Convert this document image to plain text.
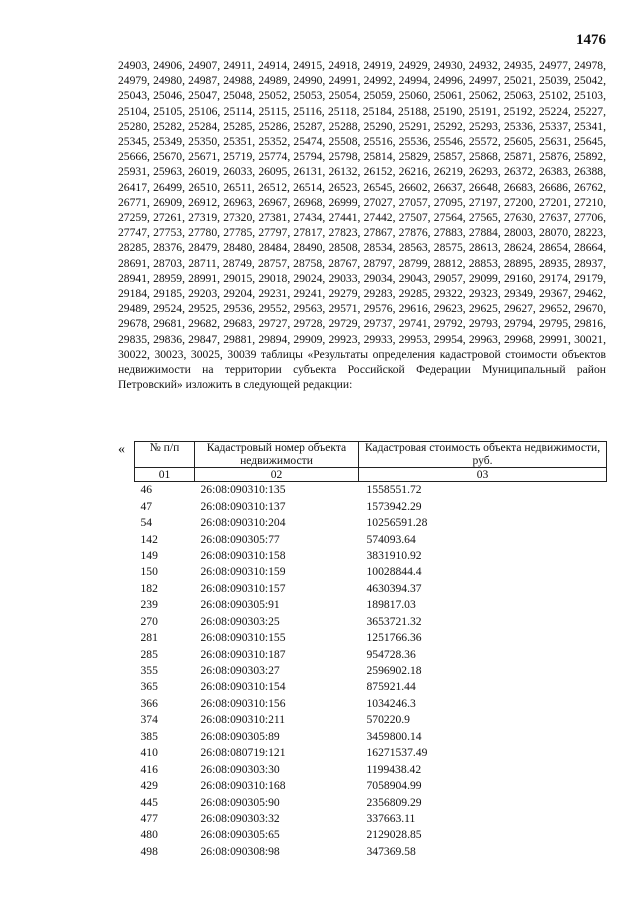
1476
24903, 24906, 24907, 24911, 24914, 24915, 24918, 24919, 24929, 24930, 24932, 24935, 24977, 24978, 24979, 24980, 24987, 24988, 24989, 24990, 24991, 24992, 24994, 24996, 24997, 25021, 25039, 25042, 25043, 25046, 25047, 25048, 25052, 25053, 25054, 25059, 25060, 25061, 25062, 25063, 25102, 25103, 25104, 25105, 25106, 25114, 25115, 25116, 25118, 25184, 25188, 25190, 25191, 25192, 25224, 25227, 25280, 25282, 25284, 25285, 25286, 25287, 25288, 25290, 25291, 25292, 25293, 25336, 25337, 25341, 25345, 25349, 25350, 25351, 25352, 25474, 25508, 25516, 25536, 25546, 25572, 25605, 25631, 25645, 25666, 25670, 25671, 25719, 25774, 25794, 25798, 25814, 25829, 25857, 25868, 25871, 25876, 25892, 25931, 25963, 26019, 26033, 26095, 26131, 26132, 26152, 26216, 26219, 26293, 26372, 26383, 26388, 26417, 26499, 26510, 26511, 26512, 26514, 26523, 26545, 26602, 26637, 26648, 26683, 26686, 26762, 26771, 26909, 26912, 26963, 26967, 26968, 26999, 27027, 27057, 27095, 27197, 27200, 27201, 27210, 27259, 27261, 27319, 27320, 27381, 27434, 27441, 27442, 27507, 27564, 27565, 27630, 27637, 27706, 27747, 27753, 27780, 27785, 27797, 27817, 27823, 27867, 27876, 27883, 27884, 28003, 28070, 28223, 28285, 28376, 28479, 28480, 28484, 28490, 28508, 28534, 28563, 28575, 28613, 28624, 28654, 28664, 28691, 28703, 28711, 28749, 28757, 28758, 28767, 28797, 28799, 28812, 28853, 28895, 28935, 28937, 28941, 28959, 28991, 29015, 29018, 29024, 29033, 29034, 29043, 29057, 29099, 29160, 29174, 29179, 29184, 29185, 29203, 29204, 29231, 29241, 29279, 29283, 29285, 29322, 29323, 29349, 29367, 29462, 29489, 29524, 29525, 29536, 29552, 29563, 29571, 29576, 29616, 29623, 29625, 29627, 29652, 29670, 29678, 29681, 29682, 29683, 29727, 29728, 29729, 29737, 29741, 29792, 29793, 29794, 29795, 29816, 29835, 29836, 29847, 29881, 29894, 29909, 29923, 29933, 29953, 29954, 29963, 29968, 29991, 30021, 30022, 30023, 30025, 30039 таблицы «Результаты определения кадастровой стоимости объектов недвижимости на территории субъекта Российской Федерации Муниципальный район Петровский» изложить в следующей редакции:
« № п/п	Кадастровый номер объекта недвижимости	Кадастровая стоимость объекта недвижимости, руб.
01	02	03
46	26:08:090310:135	1558551.72
47	26:08:090310:137	1573942.29
54	26:08:090310:204	10256591.28
142	26:08:090305:77	574093.64
149	26:08:090310:158	3831910.92
150	26:08:090310:159	10028844.4
182	26:08:090310:157	4630394.37
239	26:08:090305:91	189817.03
270	26:08:090303:25	3653721.32
281	26:08:090310:155	1251766.36
285	26:08:090310:187	954728.36
355	26:08:090303:27	2596902.18
365	26:08:090310:154	875921.44
366	26:08:090310:156	1034246.3
374	26:08:090310:211	570220.9
385	26:08:090305:89	3459800.14
410	26:08:080719:121	16271537.49
416	26:08:090303:30	1199438.42
429	26:08:090310:168	7058904.99
445	26:08:090305:90	2356809.29
477	26:08:090303:32	337663.11
480	26:08:090305:65	2129028.85
498	26:08:090308:98	347369.58
